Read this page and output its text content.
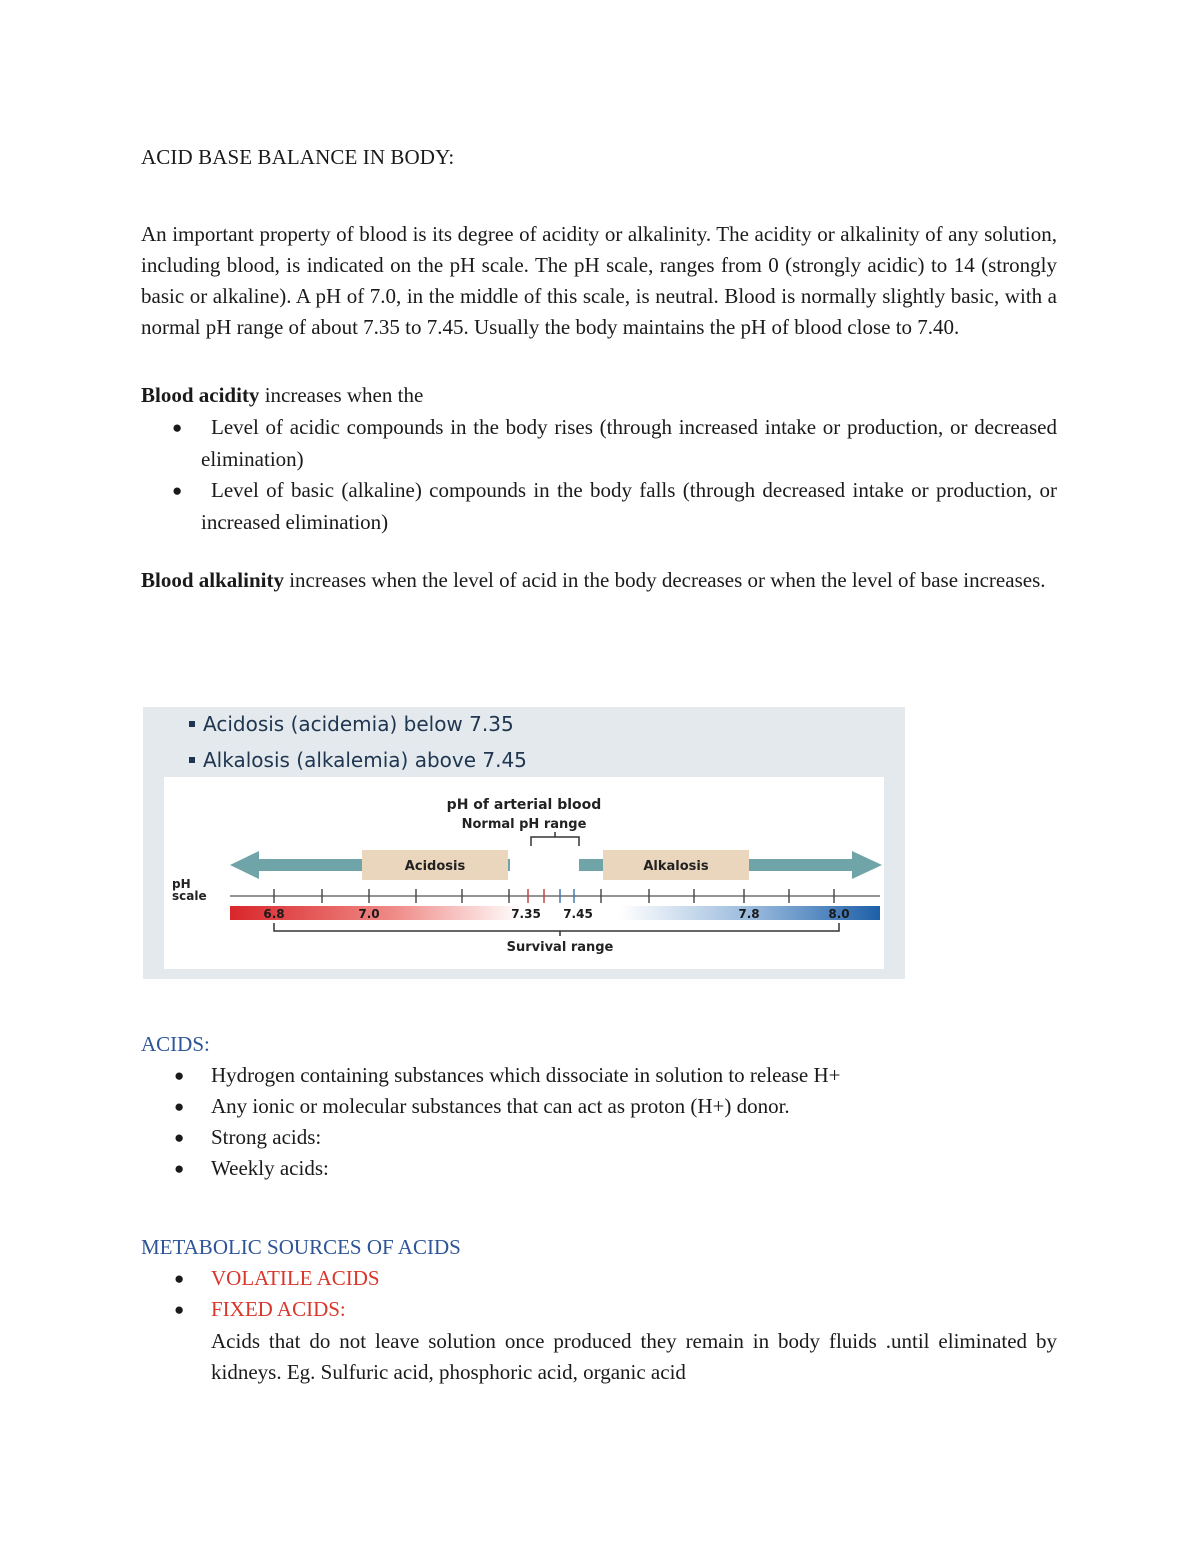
ACID BASE BALANCE IN BODY:
An important property of blood is its degree of acidity or alkalinity. The acidity or alkalinity of any solution, including blood, is indicated on the pH scale. The pH scale, ranges from 0 (strongly acidic) to 14 (strongly basic or alkaline). A pH of 7.0, in the middle of this scale, is neutral. Blood is normally slightly basic, with a normal pH range of about 7.35 to 7.45. Usually the body maintains the pH of blood close to 7.40.
Blood acidity increases when the
● Level of acidic compounds in the body rises (through increased intake or production, or decreased elimination)
● Level of basic (alkaline) compounds in the body falls (through decreased intake or production, or increased elimination)
Blood alkalinity increases when the level of acid in the body decreases or when the level of base increases.
Acidosis (acidemia) below 7.35
Alkalosis (alkalemia) above 7.45
pH of arterial blood
Normal pH range
Acidosis	Alkalosis
pH
scale
6.8	7.0	7.35 7.45	7.8	8.0
Survival range
ACIDS:
● Hydrogen containing substances which dissociate in solution to release H+
● Any ionic or molecular substances that can act as proton (H+) donor.
● Strong acids:
● Weekly acids:
METABOLIC SOURCES OF ACIDS
● VOLATILE ACIDS
● FIXED ACIDS:
Acids that do not leave solution once produced they remain in body fluids .until eliminated by kidneys. Eg. Sulfuric acid, phosphoric acid, organic acid
